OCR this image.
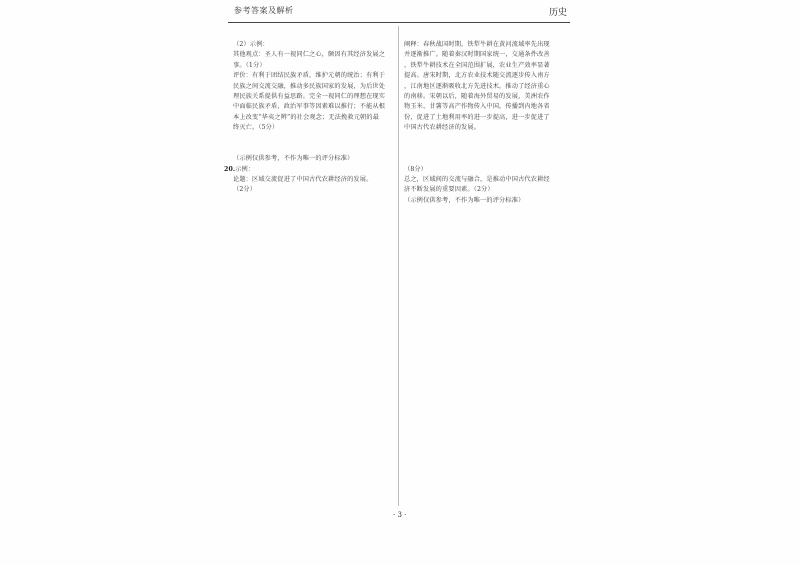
参考答案及解析	历史
（2）示例：
其他观点：圣人有一视同仁之心，颇因有其经济发展之
事。（1分）
评价：有利于团结民族矛盾，维护元朝的统治；有利于
民族之间交流交融，推动多民族国家的发展，为后世处
理民族关系提供有益思路。完全一视同仁的理想在现实
中面临民族矛盾，政治军事等因素难以推行；不能从根
本上改变“华夷之辨”的社会观念；无法挽救元朝的最
终灭亡。（5分）
（示例仅供参考，不作为唯一的评分标准）
20.示例：
论题：区域交流促进了中国古代农耕经济的发展。
（2分）
阐释：春秋战国时期，铁犁牛耕在黄河流域率先出现
并逐渐推广。随着秦汉时期国家统一，交通条件改善
，铁犁牛耕技术在全国范围扩展，农业生产效率显著
提高。唐宋时期，北方农业技术随交流逐步传入南方
，江南地区逐渐吸收北方先进技术，推动了经济重心
的南移。宋朝以后，随着海外贸易的发展，美洲农作
物玉米、甘薯等高产作物传入中国，传播到内地各省
份，促进了土地利用率的进一步提高，进一步促进了
中国古代农耕经济的发展。
（8分）
总之，区域间的交流与融合，是推动中国古代农耕经
济不断发展的重要因素。（2分）
（示例仅供参考，不作为唯一的评分标准）
· 3 ·
